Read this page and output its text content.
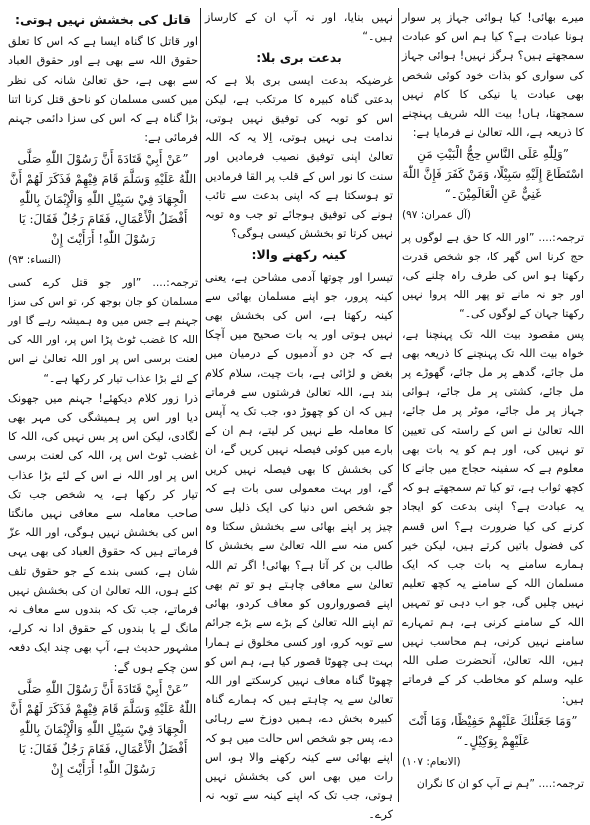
میرے بھائی! کیا ہوائی جہاز پر سوار ہونا عبادت ہے؟ کیا ہم اس کو عبادت سمجھتے ہیں؟ ہرگز نہیں! ہوائی جہاز کی سواری کو بذات خود کوئی شخص بھی عبادت یا نیکی کا کام نہیں سمجھتا، ہاں! بیت اللہ شریف پہنچنے کا ذریعہ ہے، اللہ تعالیٰ نے فرمایا ہے:

”وَلِلّٰهِ عَلَى النَّاسِ حِجُّ الْبَيْتِ مَنِ اسْتَطَاعَ إِلَيْهِ سَبِيْلًا، وَمَنْ كَفَرَ فَإِنَّ اللّٰهَ غَنِيٌّ عَنِ الْعَالَمِيْنَ۔“

(آل عمران: ۹۷)

ترجمہ:.... ”اور اللہ کا حق ہے لوگوں پر حج کرنا اس گھر کا، جو شخص قدرت رکھتا ہو اس کی طرف راہ چلنے کی، اور جو نہ مانے تو پھر اللہ پروا نہیں رکھتا جہان کے لوگوں کی۔“

پس مقصود بیت اللہ تک پہنچنا ہے، خواہ بیت اللہ تک پہنچنے کا ذریعہ بھی مل جائے، گدھے پر مل جائے، گھوڑے پر مل جائے، کشتی پر مل جائے، ہوائی جہاز پر مل جائے، موٹر پر مل جائے، اللہ تعالیٰ نے اس کے راستہ کی تعیین تو نہیں کی، اور ہم کو یہ بات بھی معلوم ہے کہ سفینہ حجاج میں جانے کا کچھ ثواب ہے، تو کیا تم سمجھتے ہو کہ یہ عبادت ہے؟ اپنی بدعت کو ایجاد کرنے کی کیا ضرورت ہے؟ اس قسم کی فضول باتیں کرتے ہیں، لیکن خیر ہمارے سامنے یہ بات جب کہ ایک مسلمان اللہ کے سامنے یہ کچھ تعلیم نہیں چلیں گی، جو اب دہی تو تمہیں اللہ کے سامنے کرنی ہے، ہم تمہارے سامنے نہیں کرنی، ہم محاسب نہیں ہیں، اللہ تعالیٰ، آنحضرت صلی اللہ علیہ وسلم کو مخاطب کر کے فرماتے ہیں:

”وَمَا جَعَلْنٰكَ عَلَيْهِمْ حَفِيْظًا، وَمَا أَنْتَ عَلَيْهِمْ بِوَكِيْلٍ۔“

(الانعام: ۱۰۷)

ترجمہ:.... ”ہم نے آپ کو ان کا نگران

نہیں بنایا، اور نہ آپ ان کے کارساز ہیں۔“

بدعت بری بلا:

غرضیکہ بدعت ایسی بری بلا ہے کہ بدعتی گناہ کبیرہ کا مرتکب ہے، لیکن اس کو توبہ کی توفیق نہیں ہوتی، ندامت ہی نہیں ہوتی، اِلا یہ کہ اللہ تعالیٰ اپنی توفیق نصیب فرمادیں اور سنت کا نور اس کے قلب پر القا فرمادیں تو ہوسکتا ہے کہ اپنی بدعت سے تائب ہونے کی توفیق ہوجائے تو جب وہ توبہ نہیں کرتا تو بخشش کیسی ہوگی؟

کینہ رکھنے والا:

تیسرا اور چوتھا آدمی مشاحن ہے، یعنی کینہ پرور، جو اپنے مسلمان بھائی سے کینہ رکھتا ہے، اس کی بخشش بھی نہیں ہوتی اور یہ بات صحیح میں آچکا ہے کہ جن دو آدمیوں کے درمیان میں بغض و لڑائی ہے، بات چیت، سلام کلام بند ہے، اللہ تعالیٰ فرشتوں سے فرماتے ہیں کہ ان کو چھوڑ دو، جب تک یہ آپس کا معاملہ طے نہیں کر لیتے، ہم ان کے بارے میں کوئی فیصلہ نہیں کریں گے، ان کی بخشش کا بھی فیصلہ نہیں کریں گے، اور بہت معمولی سی بات ہے کہ جو شخص اس دنیا کی ایک ذلیل سی چیز پر اپنے بھائی سے بخشش سکتا وہ کس منہ سے اللہ تعالیٰ سے بخشش کا طالب بن کر آتا ہے؟ بھائی! اگر تم اللہ تعالیٰ سے معافی چاہتے ہو تو تم بھی اپنے قصورواروں کو معاف کردو، بھائی تم اپنے اللہ تعالیٰ کے بڑے سے بڑے جرائم سے توبہ کرو، اور کسی مخلوق نے ہمارا بہت ہی چھوٹا قصور کیا ہے، ہم اس کو چھوٹا گناہ معاف نہیں کرسکتے اور اللہ تعالیٰ سے یہ چاہتے ہیں کہ ہمارے گناہ کبیرہ بخش دے، ہمیں دوزخ سے رہائی دے، پس جو شخص اس حالت میں ہو کہ اپنے بھائی سے کینہ رکھنے والا ہو، اس رات میں بھی اس کی بخشش نہیں ہوتی، جب تک کہ اپنے کینہ سے توبہ نہ کرے۔

قاتل کی بخشش نہیں ہوتی:

اور قاتل کا گناہ ایسا ہے کہ اس کا تعلق حقوق اللہ سے بھی ہے اور حقوق العباد سے بھی ہے، حق تعالیٰ شانہ کی نظر میں کسی مسلمان کو ناحق قتل کرنا اتنا بڑا گناہ ہے کہ اس کی سزا دائمی جہنم فرمائی ہے:

”عَنْ أَبِيْ قَتَادَةَ أَنَّ رَسُوْلَ اللّٰهِ صَلَّى اللّٰهُ عَلَيْهِ وَسَلَّمَ قَامَ فِيْهِمْ فَذَكَرَ لَهُمْ أَنَّ الْجِهَادَ فِيْ سَبِيْلِ اللّٰهِ وَالْإِيْمَانَ بِاللّٰهِ أَفْضَلُ الْأَعْمَالِ، فَقَامَ رَجُلٌ فَقَالَ: يَا رَسُوْلَ اللّٰهِ! أَرَأَيْتَ إِنْ

(النساء: ۹۳)

ترجمہ:.... ”اور جو قتل کرے کسی مسلمان کو جان بوجھ کر، تو اس کی سزا جہنم ہے جس میں وہ ہمیشہ رہے گا اور اللہ کا غضب ٹوٹ پڑا اس پر، اور اللہ کی لعنت برسی اس پر اور اللہ تعالیٰ نے اس کے لئے بڑا عذاب تیار کر رکھا ہے۔“

ذرا زور کلام دیکھئے! جہنم میں جھونک دیا اور اس پر ہمیشگی کی مہر بھی لگادی، لیکن اس پر بس نہیں کی، اللہ کا غضب ٹوٹ اس پر، اللہ کی لعنت برسی اس پر اور اللہ نے اس کے لئے بڑا عذاب تیار کر رکھا ہے، یہ شخص جب تک صاحب معاملہ سے معافی نہیں مانگتا اس کی بخشش نہیں ہوگی، اور اللہ عزّ فرماتے ہیں کہ حقوق العباد کی بھی یہی شان ہے، کسی بندے کے جو حقوق تلف کئے ہوں، اللہ تعالیٰ ان کی بخشش نہیں فرماتے، جب تک کہ بندوں سے معاف نہ مانگ لے یا بندوں کے حقوق ادا نہ کرلے، مشہور حدیث ہے، آپ بھی چند ایک دفعہ سن چکے ہوں گے:

”عَنْ أَبِيْ قَتَادَةَ أَنَّ رَسُوْلَ اللّٰهِ صَلَّى اللّٰهُ عَلَيْهِ وَسَلَّمَ قَامَ فِيْهِمْ فَذَكَرَ لَهُمْ أَنَّ الْجِهَادَ فِيْ سَبِيْلِ اللّٰهِ وَالْإِيْمَانَ بِاللّٰهِ أَفْضَلُ الْأَعْمَالِ، فَقَامَ رَجُلٌ فَقَالَ: يَا رَسُوْلَ اللّٰهِ! أَرَأَيْتَ إِنْ
